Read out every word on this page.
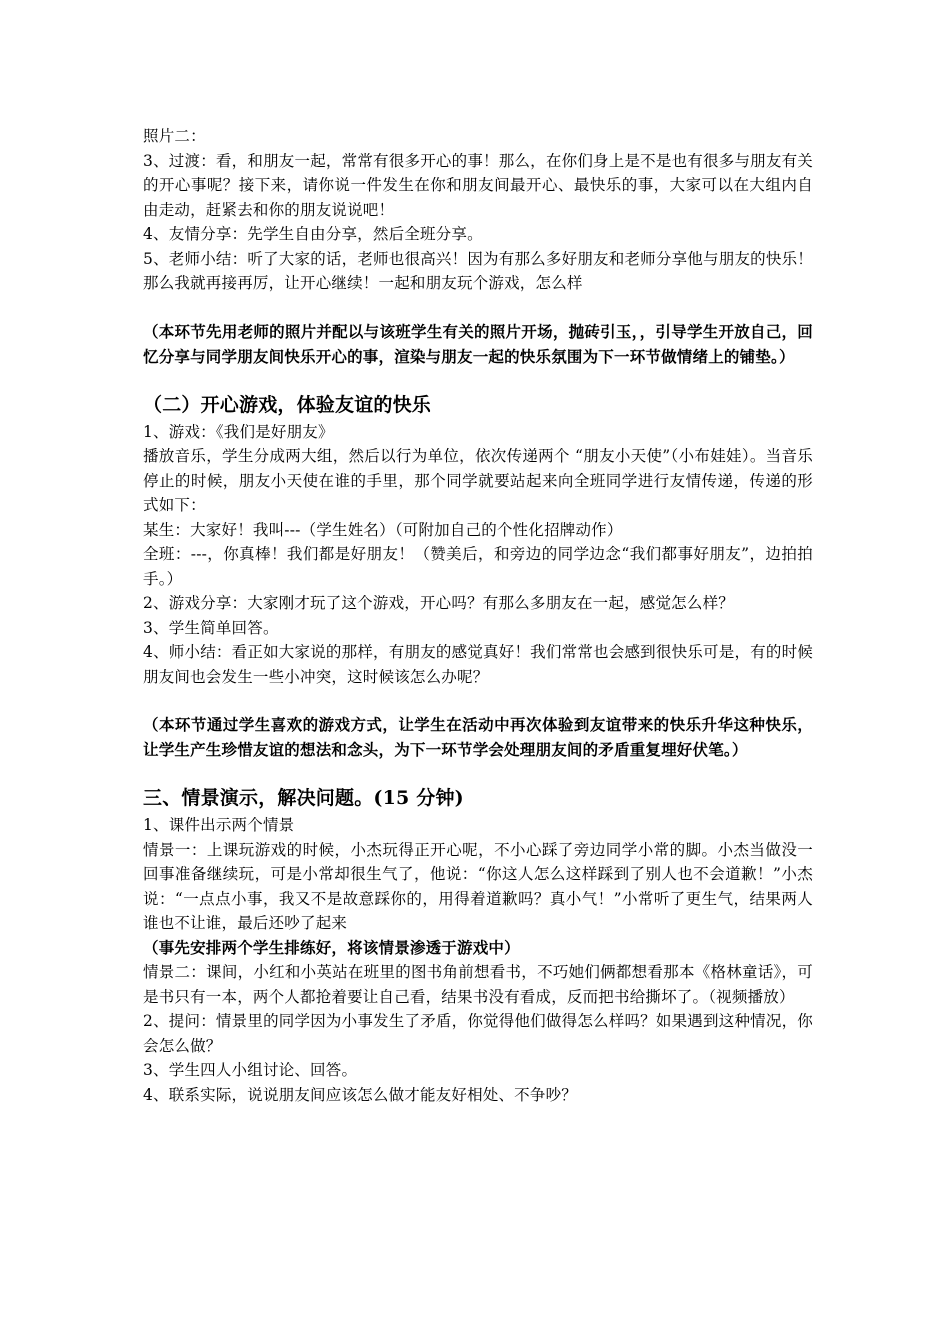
照片二：

3、过渡：看，和朋友一起，常常有很多开心的事！那么，在你们身上是不是也有很多与朋友有关的开心事呢？接下来，请你说一件发生在你和朋友间最开心、最快乐的事，大家可以在大组内自由走动，赶紧去和你的朋友说说吧！

4、友情分享：先学生自由分享，然后全班分享。

5、老师小结：听了大家的话，老师也很高兴！因为有那么多好朋友和老师分享他与朋友的快乐！那么我就再接再厉，让开心继续！一起和朋友玩个游戏，怎么样

（本环节先用老师的照片并配以与该班学生有关的照片开场，抛砖引玉，，引导学生开放自己，回忆分享与同学朋友间快乐开心的事，渲染与朋友一起的快乐氛围为下一环节做情绪上的铺垫。）

（二）开心游戏，体验友谊的快乐

1、游戏：《我们是好朋友》

播放音乐，学生分成两大组，然后以行为单位，依次传递两个 “朋友小天使”（小布娃娃）。当音乐停止的时候，朋友小天使在谁的手里，那个同学就要站起来向全班同学进行友情传递，传递的形式如下：

某生：大家好！我叫---（学生姓名）（可附加自己的个性化招牌动作）

全班：---，你真棒！我们都是好朋友！（赞美后，和旁边的同学边念“我们都事好朋友”，边拍拍手。）

2、游戏分享：大家刚才玩了这个游戏，开心吗？有那么多朋友在一起，感觉怎么样？

3、学生简单回答。

4、师小结：看正如大家说的那样，有朋友的感觉真好！我们常常也会感到很快乐可是，有的时候朋友间也会发生一些小冲突，这时候该怎么办呢？

（本环节通过学生喜欢的游戏方式，让学生在活动中再次体验到友谊带来的快乐升华这种快乐，让学生产生珍惜友谊的想法和念头，为下一环节学会处理朋友间的矛盾重复埋好伏笔。）

三、情景演示，解决问题。(15 分钟)

1、课件出示两个情景

情景一：上课玩游戏的时候，小杰玩得正开心呢，不小心踩了旁边同学小常的脚。小杰当做没一回事准备继续玩，可是小常却很生气了，他说：“你这人怎么这样踩到了别人也不会道歉！”小杰说：“一点点小事，我又不是故意踩你的，用得着道歉吗？真小气！”小常听了更生气，结果两人谁也不让谁，最后还吵了起来

（事先安排两个学生排练好，将该情景渗透于游戏中）

情景二：课间，小红和小英站在班里的图书角前想看书，不巧她们俩都想看那本《格林童话》，可是书只有一本，两个人都抢着要让自己看，结果书没有看成，反而把书给撕坏了。（视频播放）

2、提问：情景里的同学因为小事发生了矛盾，你觉得他们做得怎么样吗？如果遇到这种情况，你会怎么做？

3、学生四人小组讨论、回答。

4、联系实际，说说朋友间应该怎么做才能友好相处、不争吵？
